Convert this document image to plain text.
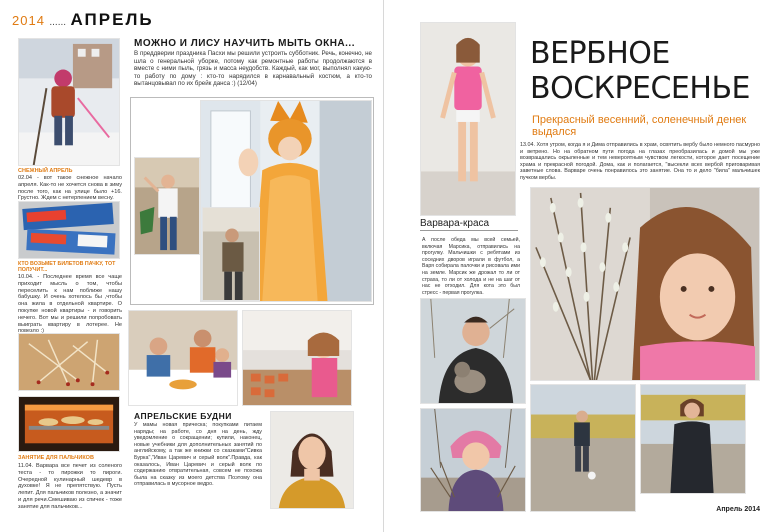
2014 ...... АПРЕЛЬ
СНЕЖНЫЙ АПРЕЛЬ
02.04 - вот такое снежное начало апреля. Как-то не хочется снова в зиму после того, как на улице было +16. Грустно. Ждем с нетерпением весну.
КТО ВОЗЬМЕТ БИЛЕТОВ ПАЧКУ, ТОТ ПОЛУЧИТ...
10.04. - Последнее время все чаще приходит мысль о том, чтобы переселить к нам поближе нашу бабушку. И очень хотелось бы ,чтобы она жила в отдельной квартире. О покупке новой квартиры - и говорить нечего. Вот мы и решили попробовать выиграть квартиру в лотерее. Не повезло :)
ЗАНЯТИЕ ДЛЯ ПАЛЬЧИКОВ
11.04. Варвара все печет из соленого теста - то пирожки то пироги. Очередной кулинарный шедевр в духовке! Я не препятствую. Пусть лепит. Для пальчиков полезно, а значит и для речи.Смешиваю из спичек - тоже занятие для пальчиков...
МОЖНО И ЛИСУ НАУЧИТЬ МЫТЬ ОКНА...
В преддверии праздника Пасхи мы решили устроить субботник. Речь, конечно, не шла о генеральной уборке, потому как ремонтные работы продолжаются в вместе с ними пыль, грязь и масса неудобств. Каждый, как мог, выполнял какую-то работу по дому : кто-то нарядился в карнавальный костюм, а кто-то вытанцовывал по их брейк данса :) (12/04)
АПРЕЛЬСКИЕ БУДНИ
У мамы новая прическа; покупками питаем наряды; на работе, со дня на день, жду уведомление о сокращении; купили, наконец, новые учебники для дополнительных занятий по английскому, а так же книжки со сказками"Сивка Бурка","Иван Царевич и серый волк".Правда, как оказалось, Иван Царевич и серый волк по содержанию отвратительная, совсем не похожа была на сказку из моего детства Поэтому она отправилась в мусорное ведро.
ВЕРБНОЕ
ВОСКРЕСЕНЬЕ
Прекрасный весенний, соленечный денек выдался
13.04. Хотя утром, когда я и Дима отправились в храм, освятить вербу было немного пасмурно и ветрено. Но на обратном пути погода на глазах преобразилась и домой мы уже возвращались окрыленные и тем невероятным чувством легкости, которое дает посещение храма и прекрасной погодой. Дома, как и полагается, "высекли всех вербой приговаривая заветные слова. Варваре очень понравилось это занятие. Она то и дело "била" мальчишек пучком вербы.
Варвара-краса
А после обеда мы всей семьей, включая Марсика, отправились на прогулку. Мальчишки с ребятами из соседних дворов играли в футбол, а Варя собирала палочки и рисовала ими на земле. Марсик же дрожал то ли от страха, то ли от холода и не на шаг от нас не отходил. Для кота это был стресс - первая прогулка.
Апрель 2014
